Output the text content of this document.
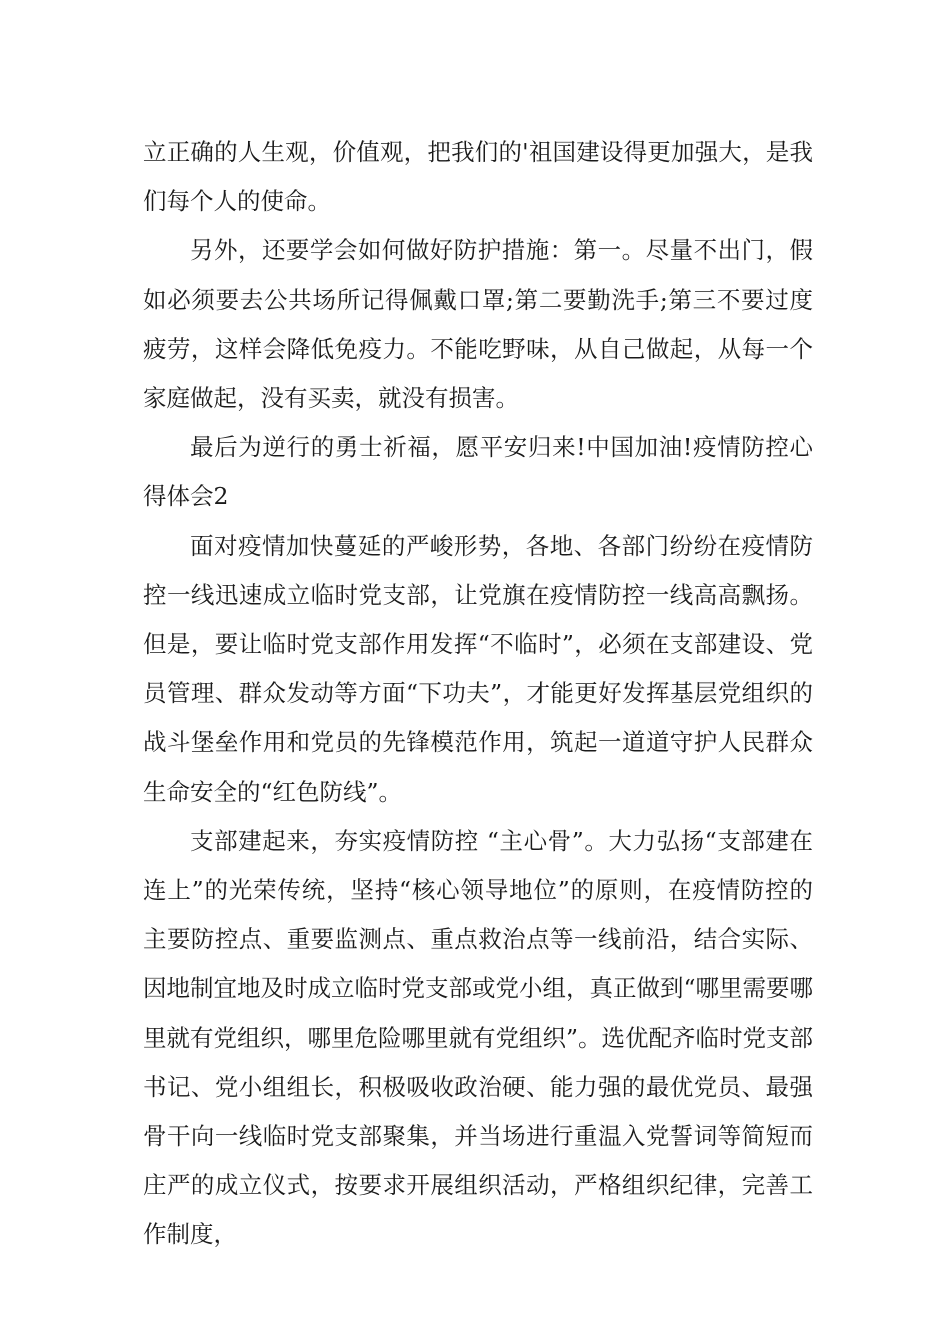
立正确的人生观，价值观，把我们的'祖国建设得更加强大，是我们每个人的使命。

另外，还要学会如何做好防护措施：第一。尽量不出门，假如必须要去公共场所记得佩戴口罩;第二要勤洗手;第三不要过度疲劳，这样会降低免疫力。不能吃野味，从自己做起，从每一个家庭做起，没有买卖，就没有损害。

最后为逆行的勇士祈福，愿平安归来!中国加油!疫情防控心得体会2

面对疫情加快蔓延的严峻形势，各地、各部门纷纷在疫情防控一线迅速成立临时党支部，让党旗在疫情防控一线高高飘扬。但是，要让临时党支部作用发挥“不临时”，必须在支部建设、党员管理、群众发动等方面“下功夫”，才能更好发挥基层党组织的战斗堡垒作用和党员的先锋模范作用，筑起一道道守护人民群众生命安全的“红色防线”。

支部建起来，夯实疫情防控 “主心骨”。大力弘扬“支部建在连上”的光荣传统，坚持“核心领导地位”的原则，在疫情防控的主要防控点、重要监测点、重点救治点等一线前沿，结合实际、因地制宜地及时成立临时党支部或党小组，真正做到“哪里需要哪里就有党组织，哪里危险哪里就有党组织”。选优配齐临时党支部书记、党小组组长，积极吸收政治硬、能力强的最优党员、最强骨干向一线临时党支部聚集，并当场进行重温入党誓词等简短而庄严的成立仪式，按要求开展组织活动，严格组织纪律，完善工作制度，
